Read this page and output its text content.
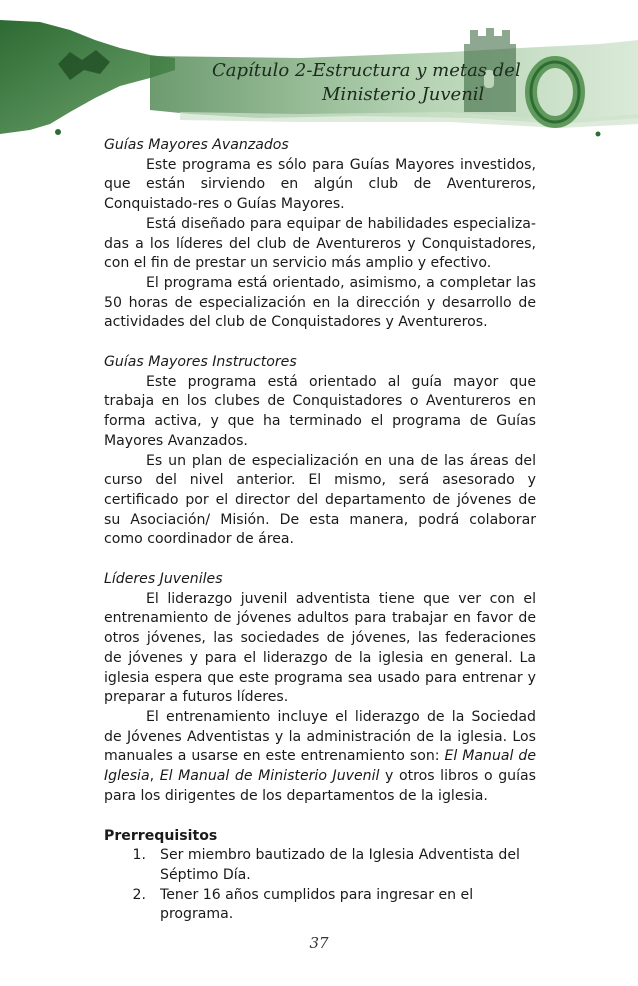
Capítulo 2-Estructura y metas del
Ministerio Juvenil

Guías Mayores Avanzados

Este programa es sólo para Guías Mayores investidos, que están sirviendo en algún club de Aventureros, Conquistado-res o Guías Mayores.

Está diseñado para equipar de habilidades especializa-das a los líderes del club de Aventureros y Conquistadores, con el fin de prestar un servicio más amplio y efectivo.

El programa está orientado, asimismo, a completar las 50 horas de especialización en la dirección y desarrollo de actividades del club de Conquistadores y Aventureros.

Guías Mayores Instructores

Este programa está orientado al guía mayor que trabaja en los clubes de Conquistadores o Aventureros en forma activa, y que ha terminado el programa de Guías Mayores Avanzados.

Es un plan de especialización en una de las áreas del curso del nivel anterior. El mismo, será asesorado y certificado por el director del departamento de jóvenes de su Asociación/ Misión. De esta manera, podrá colaborar como coordinador de área.

Líderes Juveniles

El liderazgo juvenil adventista tiene que ver con el entrenamiento de jóvenes adultos para trabajar en favor de otros jóvenes, las sociedades de jóvenes, las federaciones de jóvenes y para el liderazgo de la iglesia en general. La iglesia espera que este programa sea usado para entrenar y preparar a futuros líderes.

El entrenamiento incluye el liderazgo de la Sociedad de Jóvenes Adventistas y la administración de la iglesia. Los manuales a usarse en este entrenamiento son: El Manual de Iglesia, El Manual de Ministerio Juvenil y otros libros o guías para los dirigentes de los departamentos de la iglesia.

Prerrequisitos

1. Ser miembro bautizado de la Iglesia Adventista del Séptimo Día.
2. Tener 16 años cumplidos para ingresar en el programa.
37
